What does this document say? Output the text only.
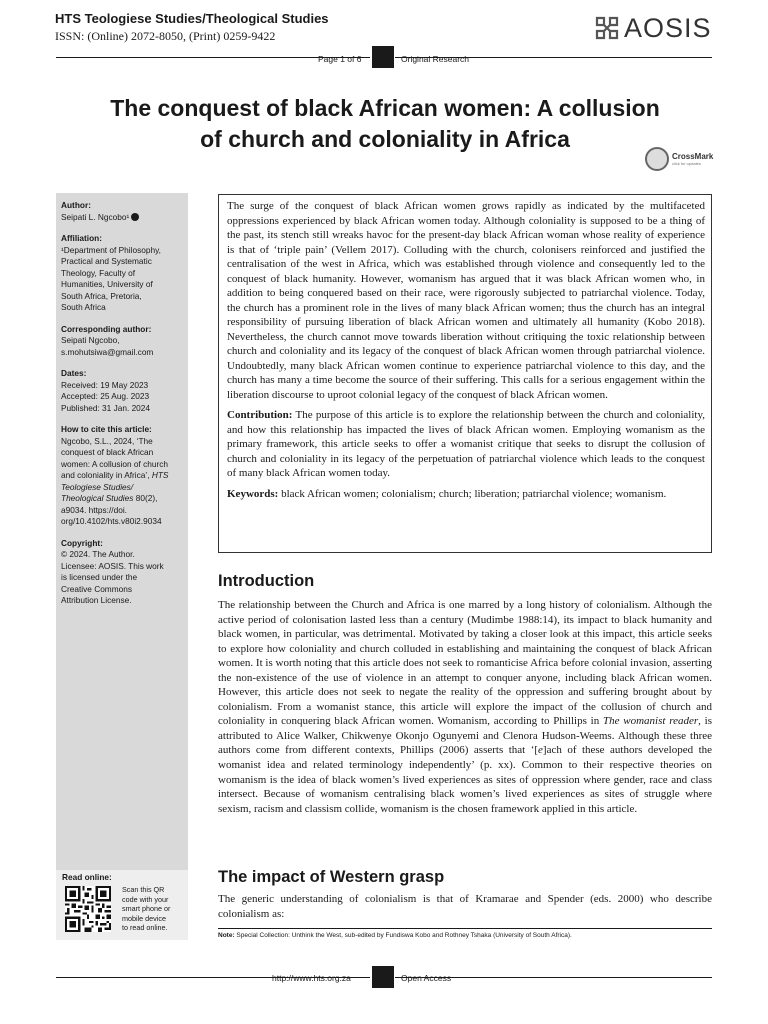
HTS Teologiese Studies/Theological Studies
ISSN: (Online) 2072-8050, (Print) 0259-9422	AOSIS
Page 1 of 6	Original Research
The conquest of black African women: A collusion
of church and coloniality in Africa
CrossMark
click for updates
Author:
Seipati L. Ngcobo¹
Affiliation:
¹Department of Philosophy,
Practical and Systematic
Theology, Faculty of
Humanities, University of
South Africa, Pretoria,
South Africa
Corresponding author:
Seipati Ngcobo,
s.mohutsiwa@gmail.com
Dates:
Received: 19 May 2023
Accepted: 25 Aug. 2023
Published: 31 Jan. 2024
How to cite this article:
Ngcobo, S.L., 2024, ‘The
conquest of black African
women: A collusion of church
and coloniality in Africa’, HTS
Teologiese Studies/
Theological Studies 80(2),
a9034. https://doi.
org/10.4102/hts.v80i2.9034
Copyright:
© 2024. The Author.
Licensee: AOSIS. This work
is licensed under the
Creative Commons
Attribution License.
Read online:
Scan this QR
code with your
smart phone or
mobile device
to read online.
The surge of the conquest of black African women grows rapidly as indicated by the multifaceted oppressions experienced by black African women today. Although coloniality is supposed to be a thing of the past, its stench still wreaks havoc for the present-day black African woman whose reality of experience is that of ‘triple pain’ (Vellem 2017). Colluding with the church, colonisers reinforced and justified the centralisation of the west in Africa, which was established through violence and consequently led to the conquest of black humanity. However, womanism has argued that it was black African women who, in addition to being conquered based on their race, were rigorously subjected to patriarchal violence. Today, the church has a prominent role in the lives of many black African women; thus the church has an integral responsibility of pursuing liberation of black African women and ultimately all humanity (Kobo 2018). Nevertheless, the church cannot move towards liberation without critiquing the toxic relationship between church and coloniality and its legacy of the conquest of black African women through patriarchal violence. Undoubtedly, many black African women continue to experience patriarchal violence to this day, and the church has many a time become the source of their suffering. This calls for a serious engagement within the liberation discourse to uproot colonial legacy of the conquest of black African women.
Contribution: The purpose of this article is to explore the relationship between the church and coloniality, and how this relationship has impacted the lives of black African women. Employing womanism as the primary framework, this article seeks to offer a womanist critique that seeks to disrupt the collusion of church and coloniality in its legacy of the perpetuation of patriarchal violence which leads to the conquest of many black African women today.
Keywords: black African women; colonialism; church; liberation; patriarchal violence; womanism.
Introduction
The relationship between the Church and Africa is one marred by a long history of colonialism. Although the active period of colonisation lasted less than a century (Mudimbe 1988:14), its impact to black humanity and black women, in particular, was detrimental. Motivated by taking a closer look at this impact, this article seeks to explore how coloniality and church colluded in establishing and maintaining the conquest of black African women. It is worth noting that this article does not seek to romanticise Africa before colonial invasion, asserting the non-existence of the use of violence in an attempt to conquer anyone, including black African women. However, this article does not seek to negate the reality of the oppression and suffering brought about by colonialism. From a womanist stance, this article will explore the impact of the collusion of church and coloniality in conquering black African women. Womanism, according to Phillips in The womanist reader, is attributed to Alice Walker, Chikwenye Okonjo Ogunyemi and Clenora Hudson-Weems. Although these three authors come from different contexts, Phillips (2006) asserts that ‘[e]ach of these authors developed the womanist idea and related terminology independently’ (p. xx). Common to their respective theories on womanism is the idea of black women’s lived experiences as sites of oppression where gender, race and class intersect. Because of womanism centralising black women’s lived experiences as sites of struggle where sexism, racism and classism collide, womanism is the chosen framework applied in this article.
The impact of Western grasp
The generic understanding of colonialism is that of Kramarae and Spender (eds. 2000) who describe colonialism as:
Note: Special Collection: Unthink the West, sub-edited by Fundiswa Kobo and Rothney Tshaka (University of South Africa).
http://www.hts.org.za	Open Access
